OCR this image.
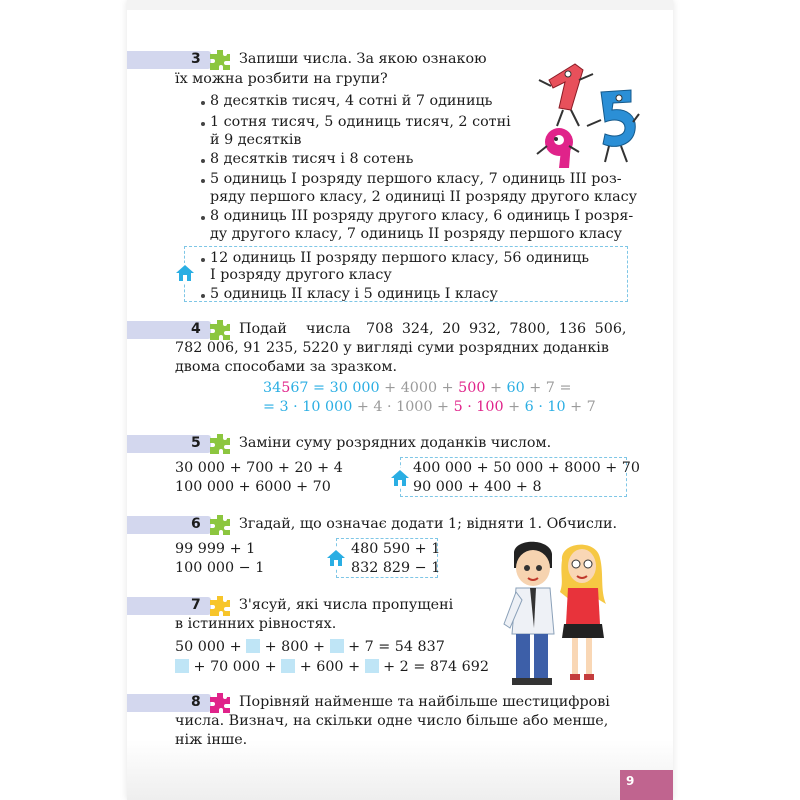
3	Запиши числа. За якою ознакою
їх можна розбити на групи?
8 десятків тисяч, 4 сотні й 7 одиниць
1 сотня тисяч, 5 одиниць тисяч, 2 сотні
й 9 десятків
8 десятків тисяч і 8 сотень
5 одиниць І розряду першого класу, 7 одиниць ІІІ роз-
ряду першого класу, 2 одиниці ІІ розряду другого класу
8 одиниць ІІІ розряду другого класу, 6 одиниць І розря-
ду другого класу, 7 одиниць ІІ розряду першого класу
12 одиниць ІІ розряду першого класу, 56 одиниць
І розряду другого класу
5 одиниць ІІ класу і 5 одиниць І класу
4	Подай числа 708 324, 20 932, 7800, 136 506,
782 006, 91 235, 5220 у вигляді суми розрядних доданків
двома способами за зразком.
34567 = 30 000 + 4000 + 500 + 60 + 7 =
= 3 · 10 000 + 4 · 1000 + 5 · 100 + 6 · 10 + 7
5	Заміни суму розрядних доданків числом.
30 000 + 700 + 20 + 4
100 000 + 6000 + 70
400 000 + 50 000 + 8000 + 70
90 000 + 400 + 8
6	Згадай, що означає додати 1; відняти 1. Обчисли.
99 999 + 1
100 000 − 1
480 590 + 1
832 829 − 1
7	З'ясуй, які числа пропущені
в істинних рівностях.
50 000 +  + 800 +  + 7 = 54 837
+ 70 000 +  + 600 +  + 2 = 874 692
8	Порівняй найменше та найбільше шестицифрові
числа. Визнач, на скільки одне число більше або менше,
ніж інше.
9
